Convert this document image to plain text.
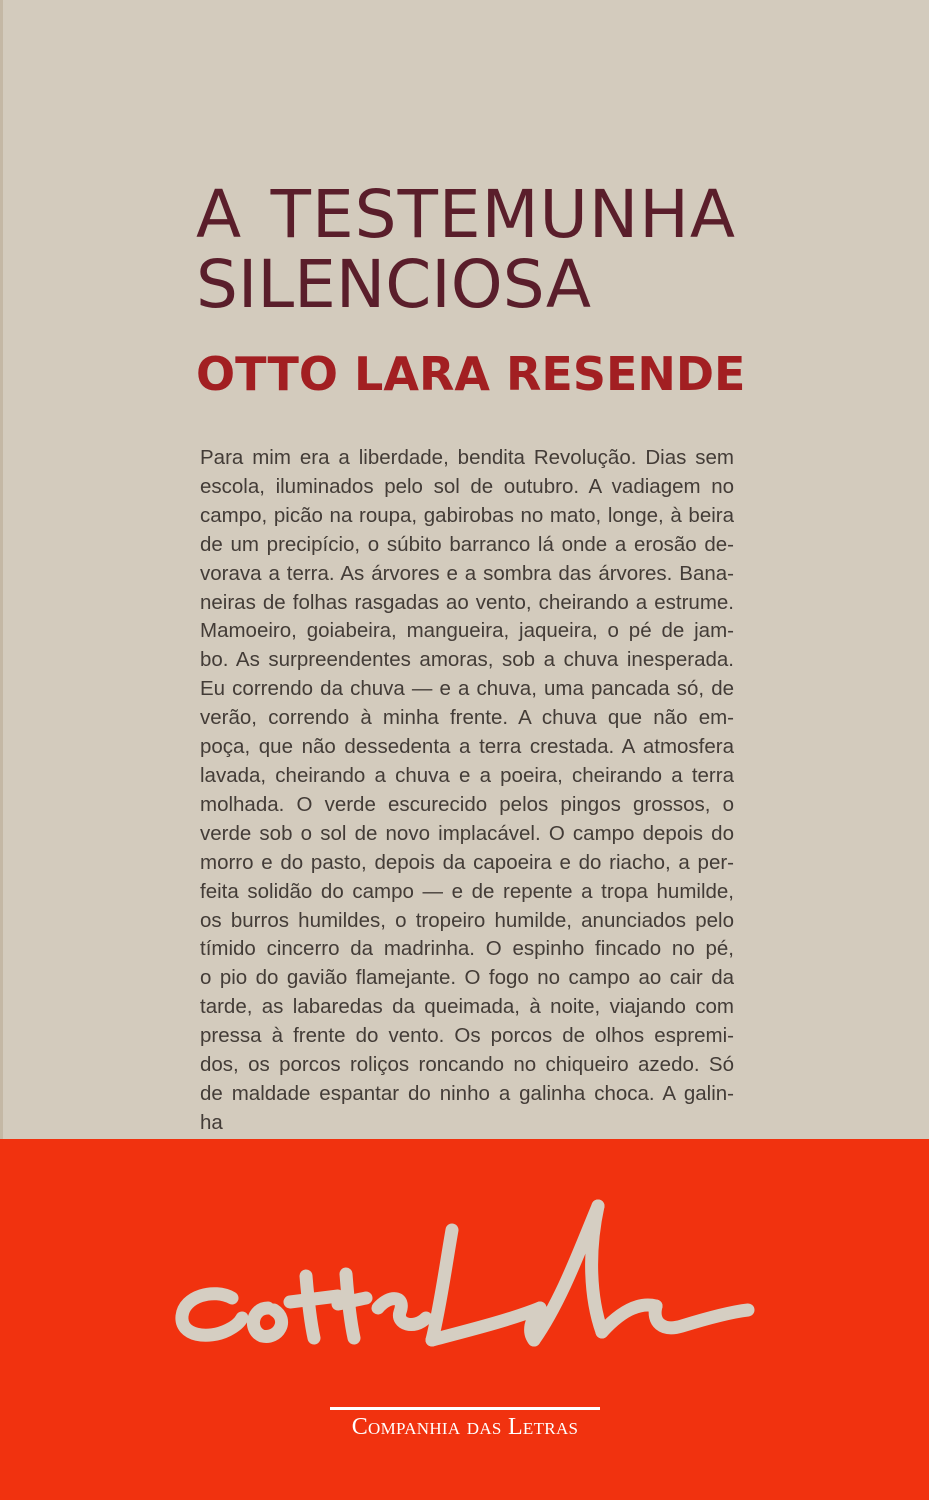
A TESTEMUNHA
SILENCIOSA
OTTO LARA RESENDE
Para mim era a liberdade, bendita Revolução. Dias sem
escola, iluminados pelo sol de outubro. A vadiagem no
campo, picão na roupa, gabirobas no mato, longe, à beira
de um precipício, o súbito barranco lá onde a erosão de-
vorava a terra. As árvores e a sombra das árvores. Bana-
neiras de folhas rasgadas ao vento, cheirando a estrume.
Mamoeiro, goiabeira, mangueira, jaqueira, o pé de jam-
bo. As surpreendentes amoras, sob a chuva inesperada.
Eu correndo da chuva — e a chuva, uma pancada só, de
verão, correndo à minha frente. A chuva que não em-
poça, que não dessedenta a terra crestada. A atmosfera
lavada, cheirando a chuva e a poeira, cheirando a terra
molhada. O verde escurecido pelos pingos grossos, o
verde sob o sol de novo implacável. O campo depois do
morro e do pasto, depois da capoeira e do riacho, a per-
feita solidão do campo — e de repente a tropa humilde,
os burros humildes, o tropeiro humilde, anunciados pelo
tímido cincerro da madrinha. O espinho fincado no pé,
o pio do gavião flamejante. O fogo no campo ao cair da
tarde, as labaredas da queimada, à noite, viajando com
pressa à frente do vento. Os porcos de olhos espremi-
dos, os porcos roliços roncando no chiqueiro azedo. Só
de maldade espantar do ninho a galinha choca. A galin-
ha
Companhia das Letras
